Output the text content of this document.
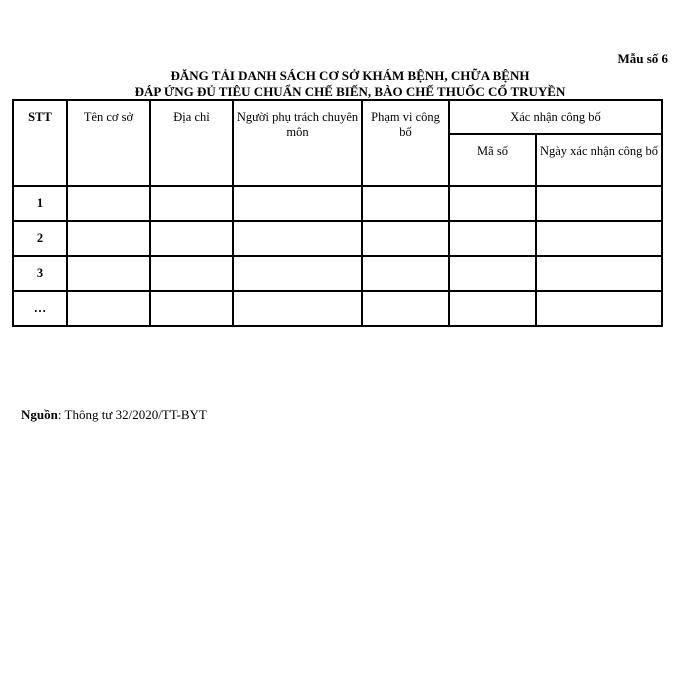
Mẫu số 6
ĐĂNG TẢI DANH SÁCH CƠ SỞ KHÁM BỆNH, CHỮA BỆNH
ĐÁP ỨNG ĐỦ TIÊU CHUẨN CHẾ BIẾN, BÀO CHẾ THUỐC CỔ TRUYỀN
STT	Tên cơ sở	Địa chỉ	Người phụ trách chuyên môn	Phạm vi công bố	Xác nhận công bố	
					Mã số	Ngày xác nhận công bố
1						
2						
3						
…						
Nguồn: Thông tư 32/2020/TT-BYT
